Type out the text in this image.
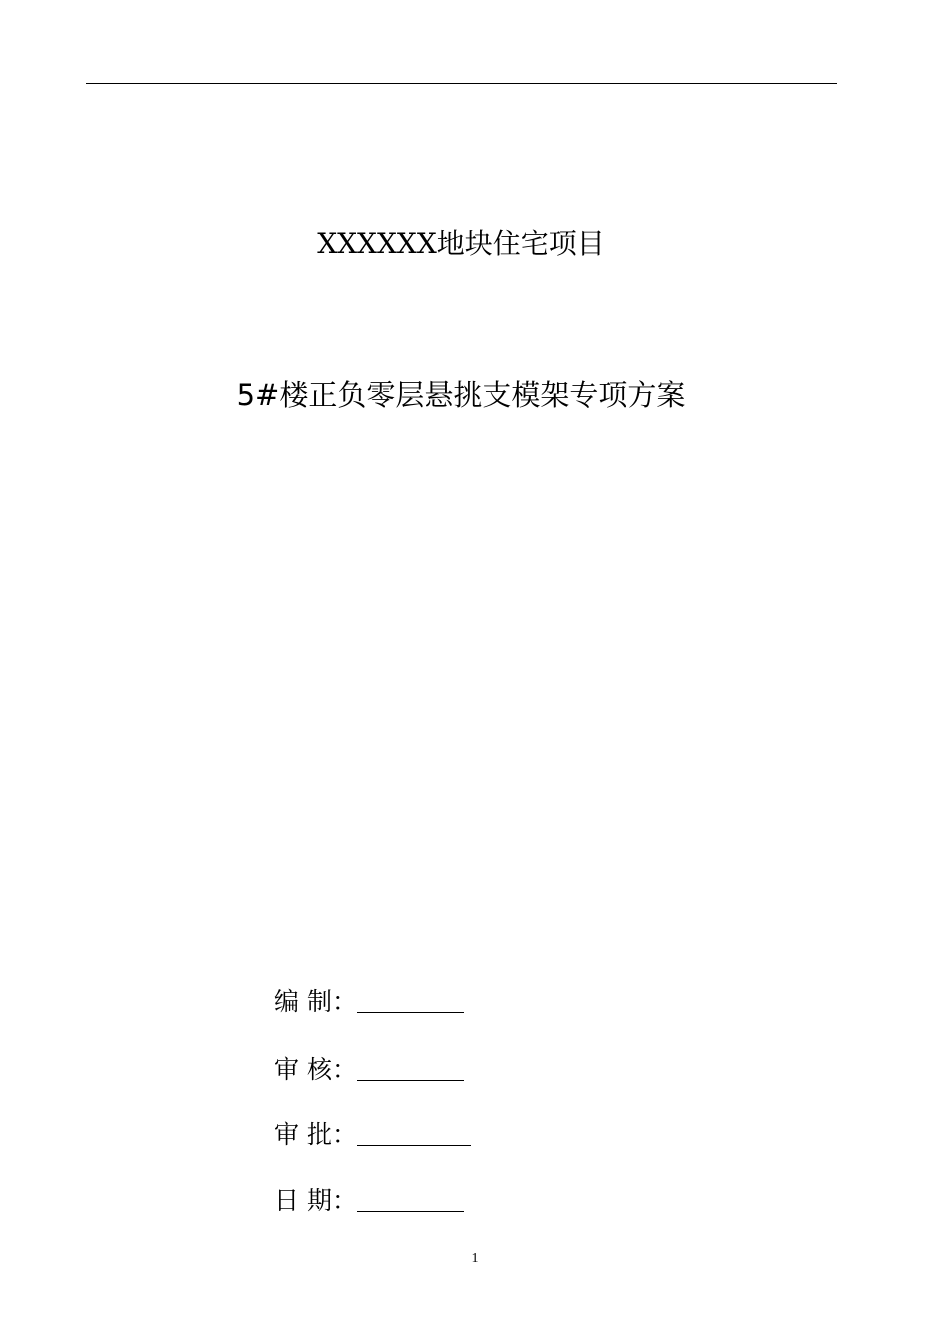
XXXXXX地块住宅项目
5#楼正负零层悬挑支模架专项方案
编 制：
审 核：
审 批：
日 期：
1
